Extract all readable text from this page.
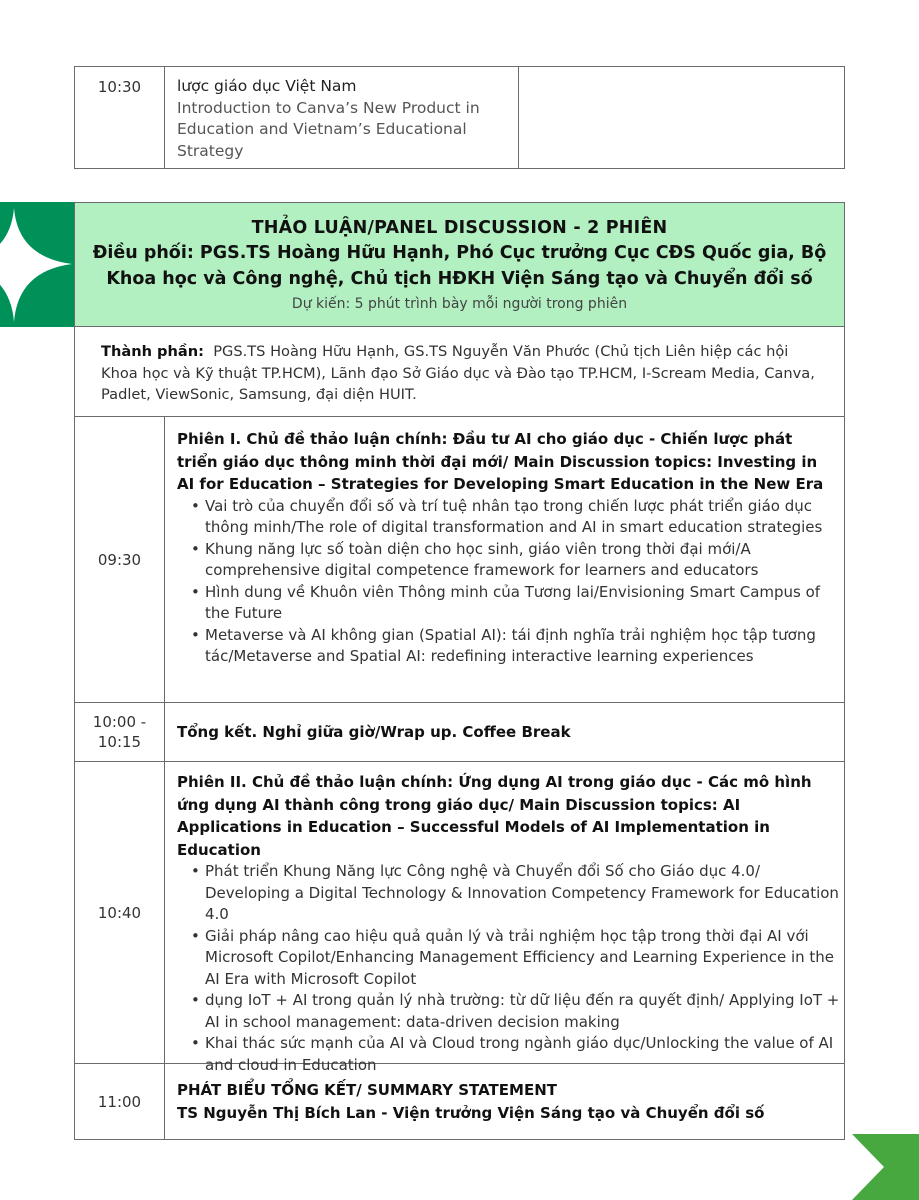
10:30	lược giáo dục Việt Nam
Introduction to Canva’s New Product in Education and Vietnam’s Educational Strategy
THẢO LUẬN/PANEL DISCUSSION - 2 PHIÊN
Điều phối: PGS.TS Hoàng Hữu Hạnh, Phó Cục trưởng Cục CĐS Quốc gia, Bộ
Khoa học và Công nghệ, Chủ tịch HĐKH Viện Sáng tạo và Chuyển đổi số
Dự kiến: 5 phút trình bày mỗi người trong phiên
Thành phần: PGS.TS Hoàng Hữu Hạnh, GS.TS Nguyễn Văn Phước (Chủ tịch Liên hiệp các hội Khoa học và Kỹ thuật TP.HCM), Lãnh đạo Sở Giáo dục và Đào tạo TP.HCM, I-Scream Media, Canva, Padlet, ViewSonic, Samsung, đại diện HUIT.
09:30
Phiên I. Chủ đề thảo luận chính: Đầu tư AI cho giáo dục - Chiến lược phát triển giáo dục thông minh thời đại mới/ Main Discussion topics: Investing in AI for Education – Strategies for Developing Smart Education in the New Era
• Vai trò của chuyển đổi số và trí tuệ nhân tạo trong chiến lược phát triển giáo dục thông minh/The role of digital transformation and AI in smart education strategies
• Khung năng lực số toàn diện cho học sinh, giáo viên trong thời đại mới/A comprehensive digital competence framework for learners and educators
• Hình dung về Khuôn viên Thông minh của Tương lai/Envisioning Smart Campus of the Future
• Metaverse và AI không gian (Spatial AI): tái định nghĩa trải nghiệm học tập tương tác/Metaverse and Spatial AI: redefining interactive learning experiences
10:00 -
10:15
Tổng kết. Nghỉ giữa giờ/Wrap up. Coffee Break
10:40
Phiên II. Chủ đề thảo luận chính: Ứng dụng AI trong giáo dục - Các mô hình ứng dụng AI thành công trong giáo dục/ Main Discussion topics: AI Applications in Education – Successful Models of AI Implementation in Education
• Phát triển Khung Năng lực Công nghệ và Chuyển đổi Số cho Giáo dục 4.0/ Developing a Digital Technology & Innovation Competency Framework for Education 4.0
• Giải pháp nâng cao hiệu quả quản lý và trải nghiệm học tập trong thời đại AI với Microsoft Copilot/Enhancing Management Efficiency and Learning Experience in the AI Era with Microsoft Copilot
• dụng IoT + AI trong quản lý nhà trường: từ dữ liệu đến ra quyết định/ Applying IoT + AI in school management: data-driven decision making
• Khai thác sức mạnh của AI và Cloud trong ngành giáo dục/Unlocking the value of AI and cloud in Education
11:00
PHÁT BIỂU TỔNG KẾT/ SUMMARY STATEMENT
TS Nguyễn Thị Bích Lan - Viện trưởng Viện Sáng tạo và Chuyển đổi số
